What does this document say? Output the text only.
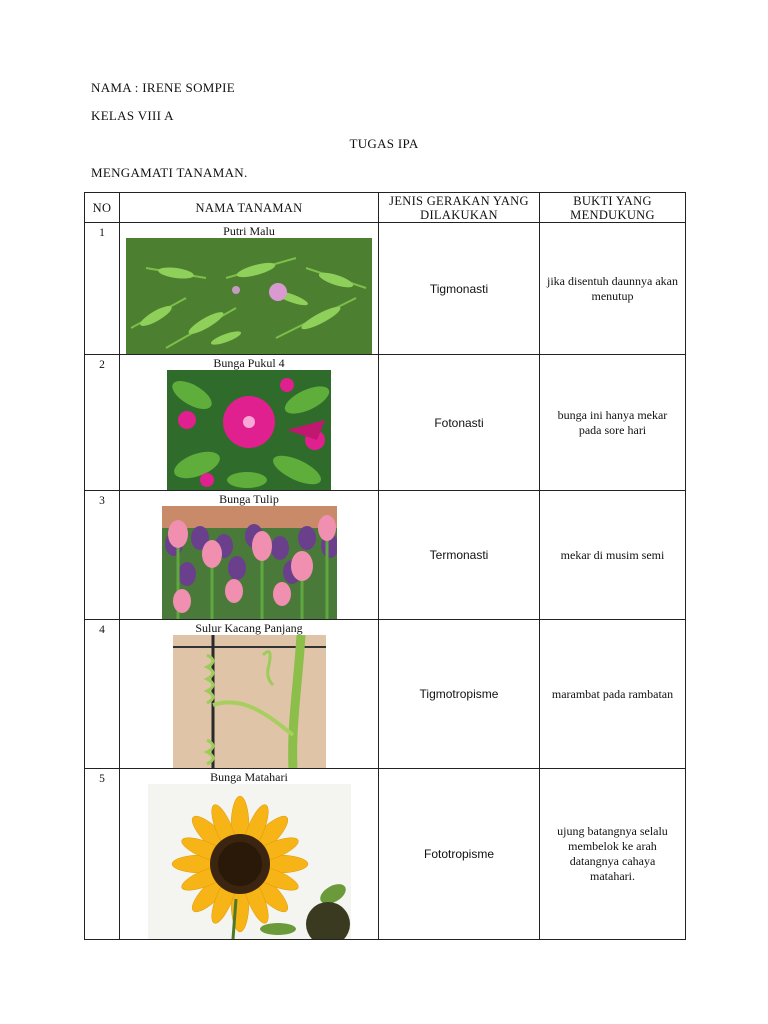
NAMA : IRENE SOMPIE
KELAS VIII A
TUGAS IPA
MENGAMATI TANAMAN.
NO	NAMA TANAMAN	JENIS GERAKAN YANG DILAKUKAN	BUKTI YANG MENDUKUNG
1	Putri Malu	Tigmonasti	jika disentuh daunnya akan menutup
2	Bunga Pukul 4	Fotonasti	bunga ini hanya mekar pada sore hari
3	Bunga Tulip	Termonasti	mekar di musim semi
4	Sulur Kacang Panjang	Tigmotropisme	marambat pada rambatan
5	Bunga Matahari	Fototropisme	ujung batangnya selalu membelok ke arah datangnya cahaya matahari.
